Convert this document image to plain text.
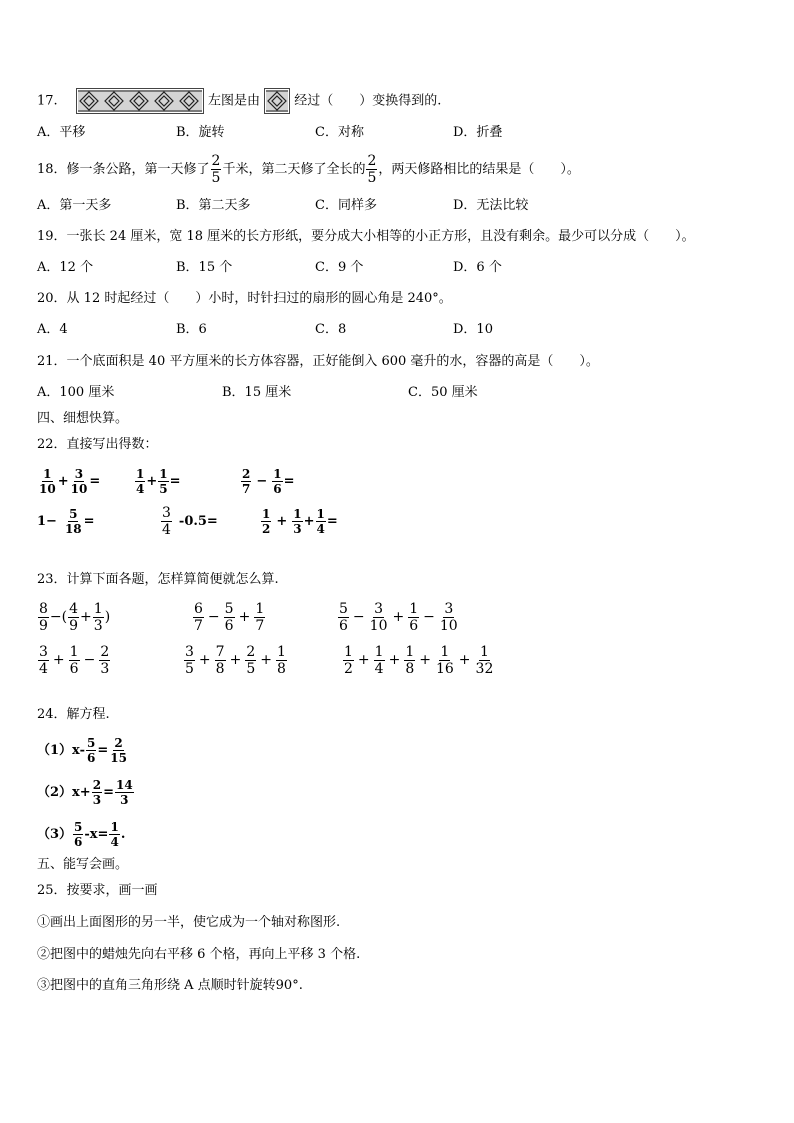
17.	左图是由	经过（　　）变换得到的.
A．平移	B．旋转	C．对称	D．折叠
18．修一条公路，第一天修了 $\frac{2}{5}$ 千米，第二天修了全长的 $\frac{2}{5}$ ，两天修路相比的结果是（　　）。
A．第一天多	B．第二天多	C．同样多	D．无法比较
19．一张长 24 厘米，宽 18 厘米的长方形纸，要分成大小相等的小正方形，且没有剩余。最少可以分成（　　）。
A．12 个	B．15 个	C．9 个	D．6 个
20．从 12 时起经过（　　）小时，时针扫过的扇形的圆心角是 240°。
A．4	B．6	C．8	D．10
21．一个底面积是 40 平方厘米的长方体容器，正好能倒入 600 毫升的水，容器的高是（　　）。
A．100 厘米	B．15 厘米	C．50 厘米
四、细想快算。
22．直接写出得数：
$\frac{1}{10} + \frac{3}{10}$ =	$\frac{1}{4} + \frac{1}{5}$ =	$\frac{2}{7} - \frac{1}{6}$ =
$1- \frac{5}{18}$ =	$\frac{3}{4} -0.5=$	$\frac{1}{2} + \frac{1}{3} + \frac{1}{4}$ =
23．计算下面各题，怎样算简便就怎么算.
$\frac{8}{9}$ −( $\frac{4}{9} + \frac{1}{3}$ )	$\frac{6}{7} - \frac{5}{6} + \frac{1}{7}$	$\frac{5}{6} - \frac{3}{10} + \frac{1}{6} - \frac{3}{10}$
$\frac{3}{4} + \frac{1}{6} - \frac{2}{3}$	$\frac{3}{5} + \frac{7}{8} + \frac{2}{5} + \frac{1}{8}$	$\frac{1}{2} + \frac{1}{4} + \frac{1}{8} + \frac{1}{16} + \frac{1}{32}$
24．解方程.
$(1)x- \frac{5}{6} = \frac{2}{15}$
$(2)x+ \frac{2}{3} = \frac{14}{3}$
$(3) \frac{5}{6} -x= \frac{1}{4}$ .
五、能写会画。
25．按要求，画一画
①画出上面图形的另一半，使它成为一个轴对称图形.
②把图中的蜡烛先向右平移 6 个格，再向上平移 3 个格.
③把图中的直角三角形绕 A 点顺时针旋转90°.
